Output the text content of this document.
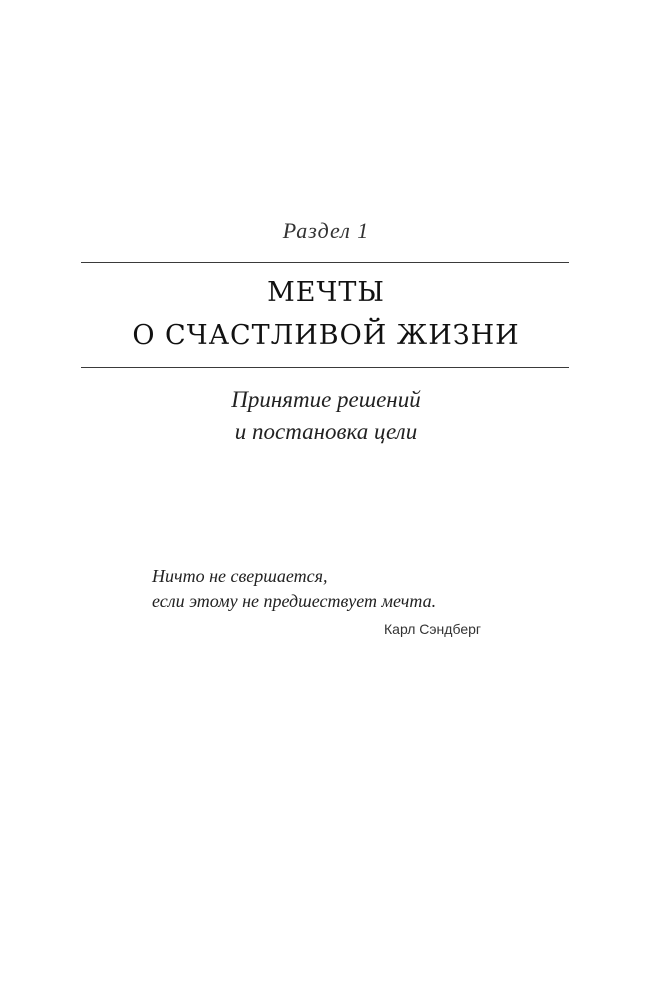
Раздел 1
МЕЧТЫ
О СЧАСТЛИВОЙ ЖИЗНИ
Принятие решений
и постановка цели
Ничто не свершается,
если этому не предшествует мечта.
Карл Сэндберг
